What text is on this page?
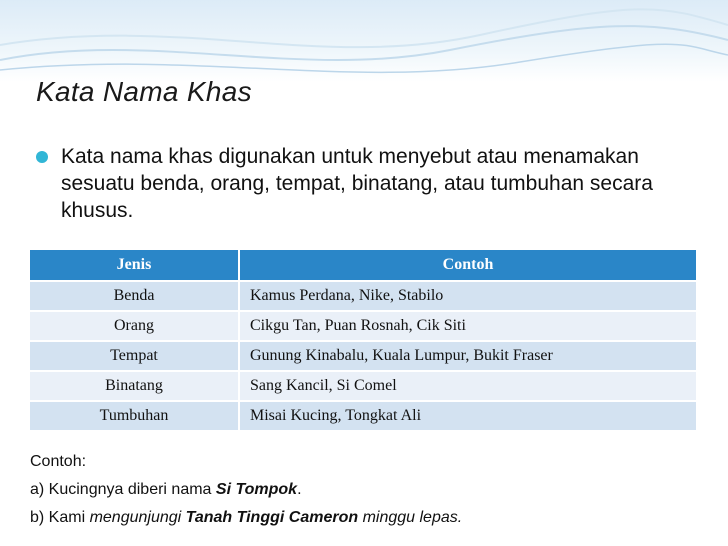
Kata Nama Khas
Kata nama khas digunakan untuk menyebut atau menamakan sesuatu benda, orang, tempat, binatang, atau tumbuhan secara khusus.
Jenis	Contoh
Benda	Kamus Perdana, Nike, Stabilo
Orang	Cikgu Tan, Puan Rosnah, Cik Siti
Tempat	Gunung Kinabalu, Kuala Lumpur, Bukit Fraser
Binatang	Sang Kancil, Si Comel
Tumbuhan	Misai Kucing, Tongkat Ali
Contoh:
a) Kucingnya diberi nama Si Tompok.
b) Kami mengunjungi Tanah Tinggi Cameron minggu lepas.
